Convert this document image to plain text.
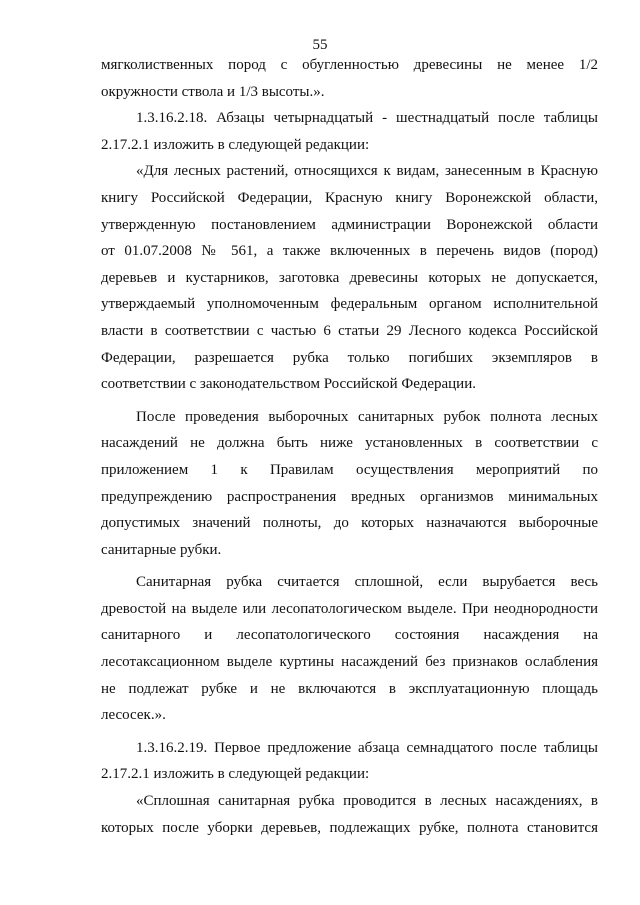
55
мягколиственных пород с обугленностью древесины не менее 1/2
окружности ствола и 1/3 высоты.».
1.3.16.2.18. Абзацы четырнадцатый - шестнадцатый после таблицы
2.17.2.1 изложить в следующей редакции:
«Для лесных растений, относящихся к видам, занесенным в Красную
книгу Российской Федерации, Красную книгу Воронежской области,
утвержденную постановлением администрации Воронежской области
от 01.07.2008 № 561, а также включенных в перечень видов (пород)
деревьев и кустарников, заготовка древесины которых не допускается,
утверждаемый уполномоченным федеральным органом исполнительной
власти в соответствии с частью 6 статьи 29 Лесного кодекса Российской
Федерации, разрешается рубка только погибших экземпляров в
соответствии с законодательством Российской Федерации.
После проведения выборочных санитарных рубок полнота лесных
насаждений не должна быть ниже установленных в соответствии с
приложением 1 к Правилам осуществления мероприятий по
предупреждению распространения вредных организмов минимальных
допустимых значений полноты, до которых назначаются выборочные
санитарные рубки.
Санитарная рубка считается сплошной, если вырубается весь
древостой на выделе или лесопатологическом выделе. При неоднородности
санитарного и лесопатологического состояния насаждения на
лесотаксационном выделе куртины насаждений без признаков ослабления
не подлежат рубке и не включаются в эксплуатационную площадь
лесосек.».
1.3.16.2.19. Первое предложение абзаца семнадцатого после таблицы
2.17.2.1 изложить в следующей редакции:
«Сплошная санитарная рубка проводится в лесных насаждениях, в
которых после уборки деревьев, подлежащих рубке, полнота становится
